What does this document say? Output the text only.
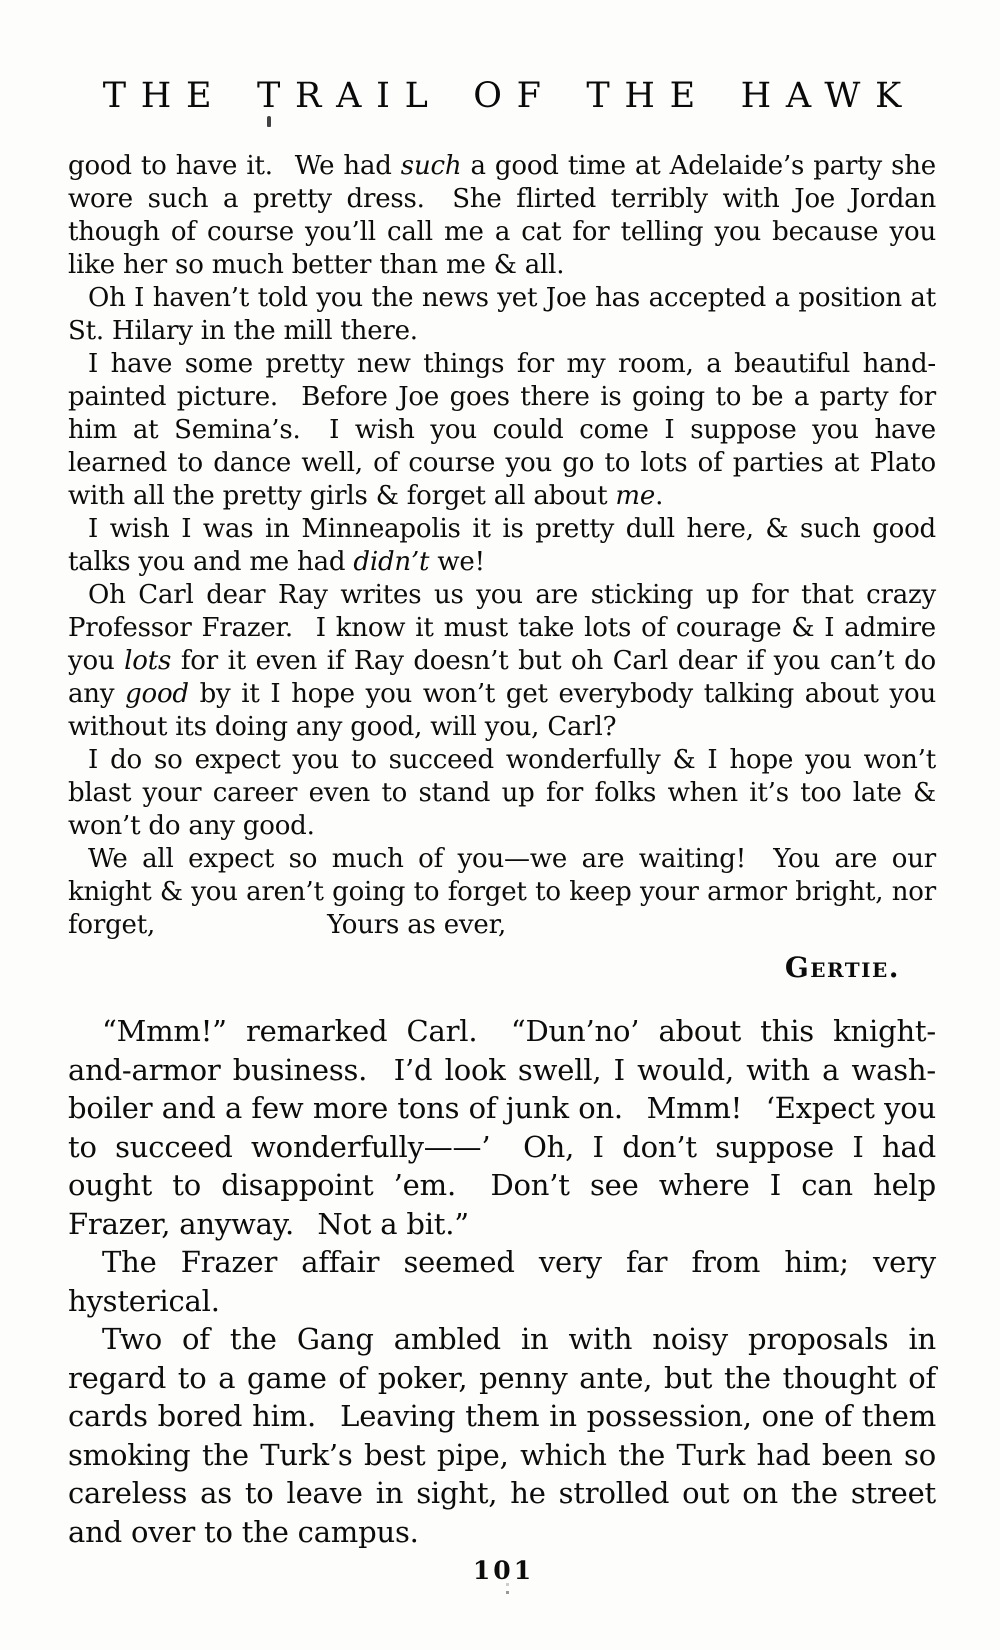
THE TRAIL OF THE HAWK

good to have it.  We had such a good time at Adelaide’s party she wore such a pretty dress.  She flirted terribly with Joe Jordan though of course you’ll call me a cat for telling you because you like her so much better than me & all.

Oh I haven’t told you the news yet Joe has accepted a position at St. Hilary in the mill there.

I have some pretty new things for my room, a beautiful hand-painted picture.  Before Joe goes there is going to be a party for him at Semina’s.  I wish you could come I suppose you have learned to dance well, of course you go to lots of parties at Plato with all the pretty girls & forget all about me.

I wish I was in Minneapolis it is pretty dull here, & such good talks you and me had didn’t we!

Oh Carl dear Ray writes us you are sticking up for that crazy Professor Frazer.  I know it must take lots of courage & I admire you lots for it even if Ray doesn’t but oh Carl dear if you can’t do any good by it I hope you won’t get everybody talking about you without its doing any good, will you, Carl?

I do so expect you to succeed wonderfully & I hope you won’t blast your career even to stand up for folks when it’s too late & won’t do any good.

We all expect so much of you—we are waiting!  You are our knight & you aren’t going to forget to keep your armor bright, nor forget,	Yours as ever,

Gertie.

“Mmm!” remarked Carl.  “Dun’no’ about this knight-and-armor business.  I’d look swell, I would, with a wash-boiler and a few more tons of junk on.  Mmm!  ‘Expect you to succeed wonderfully——’  Oh, I don’t suppose I had ought to disappoint ’em.  Don’t see where I can help Frazer, anyway.  Not a bit.”

The Frazer affair seemed very far from him; very hysterical.

Two of the Gang ambled in with noisy proposals in regard to a game of poker, penny ante, but the thought of cards bored him.  Leaving them in possession, one of them smoking the Turk’s best pipe, which the Turk had been so careless as to leave in sight, he strolled out on the street and over to the campus.

101
